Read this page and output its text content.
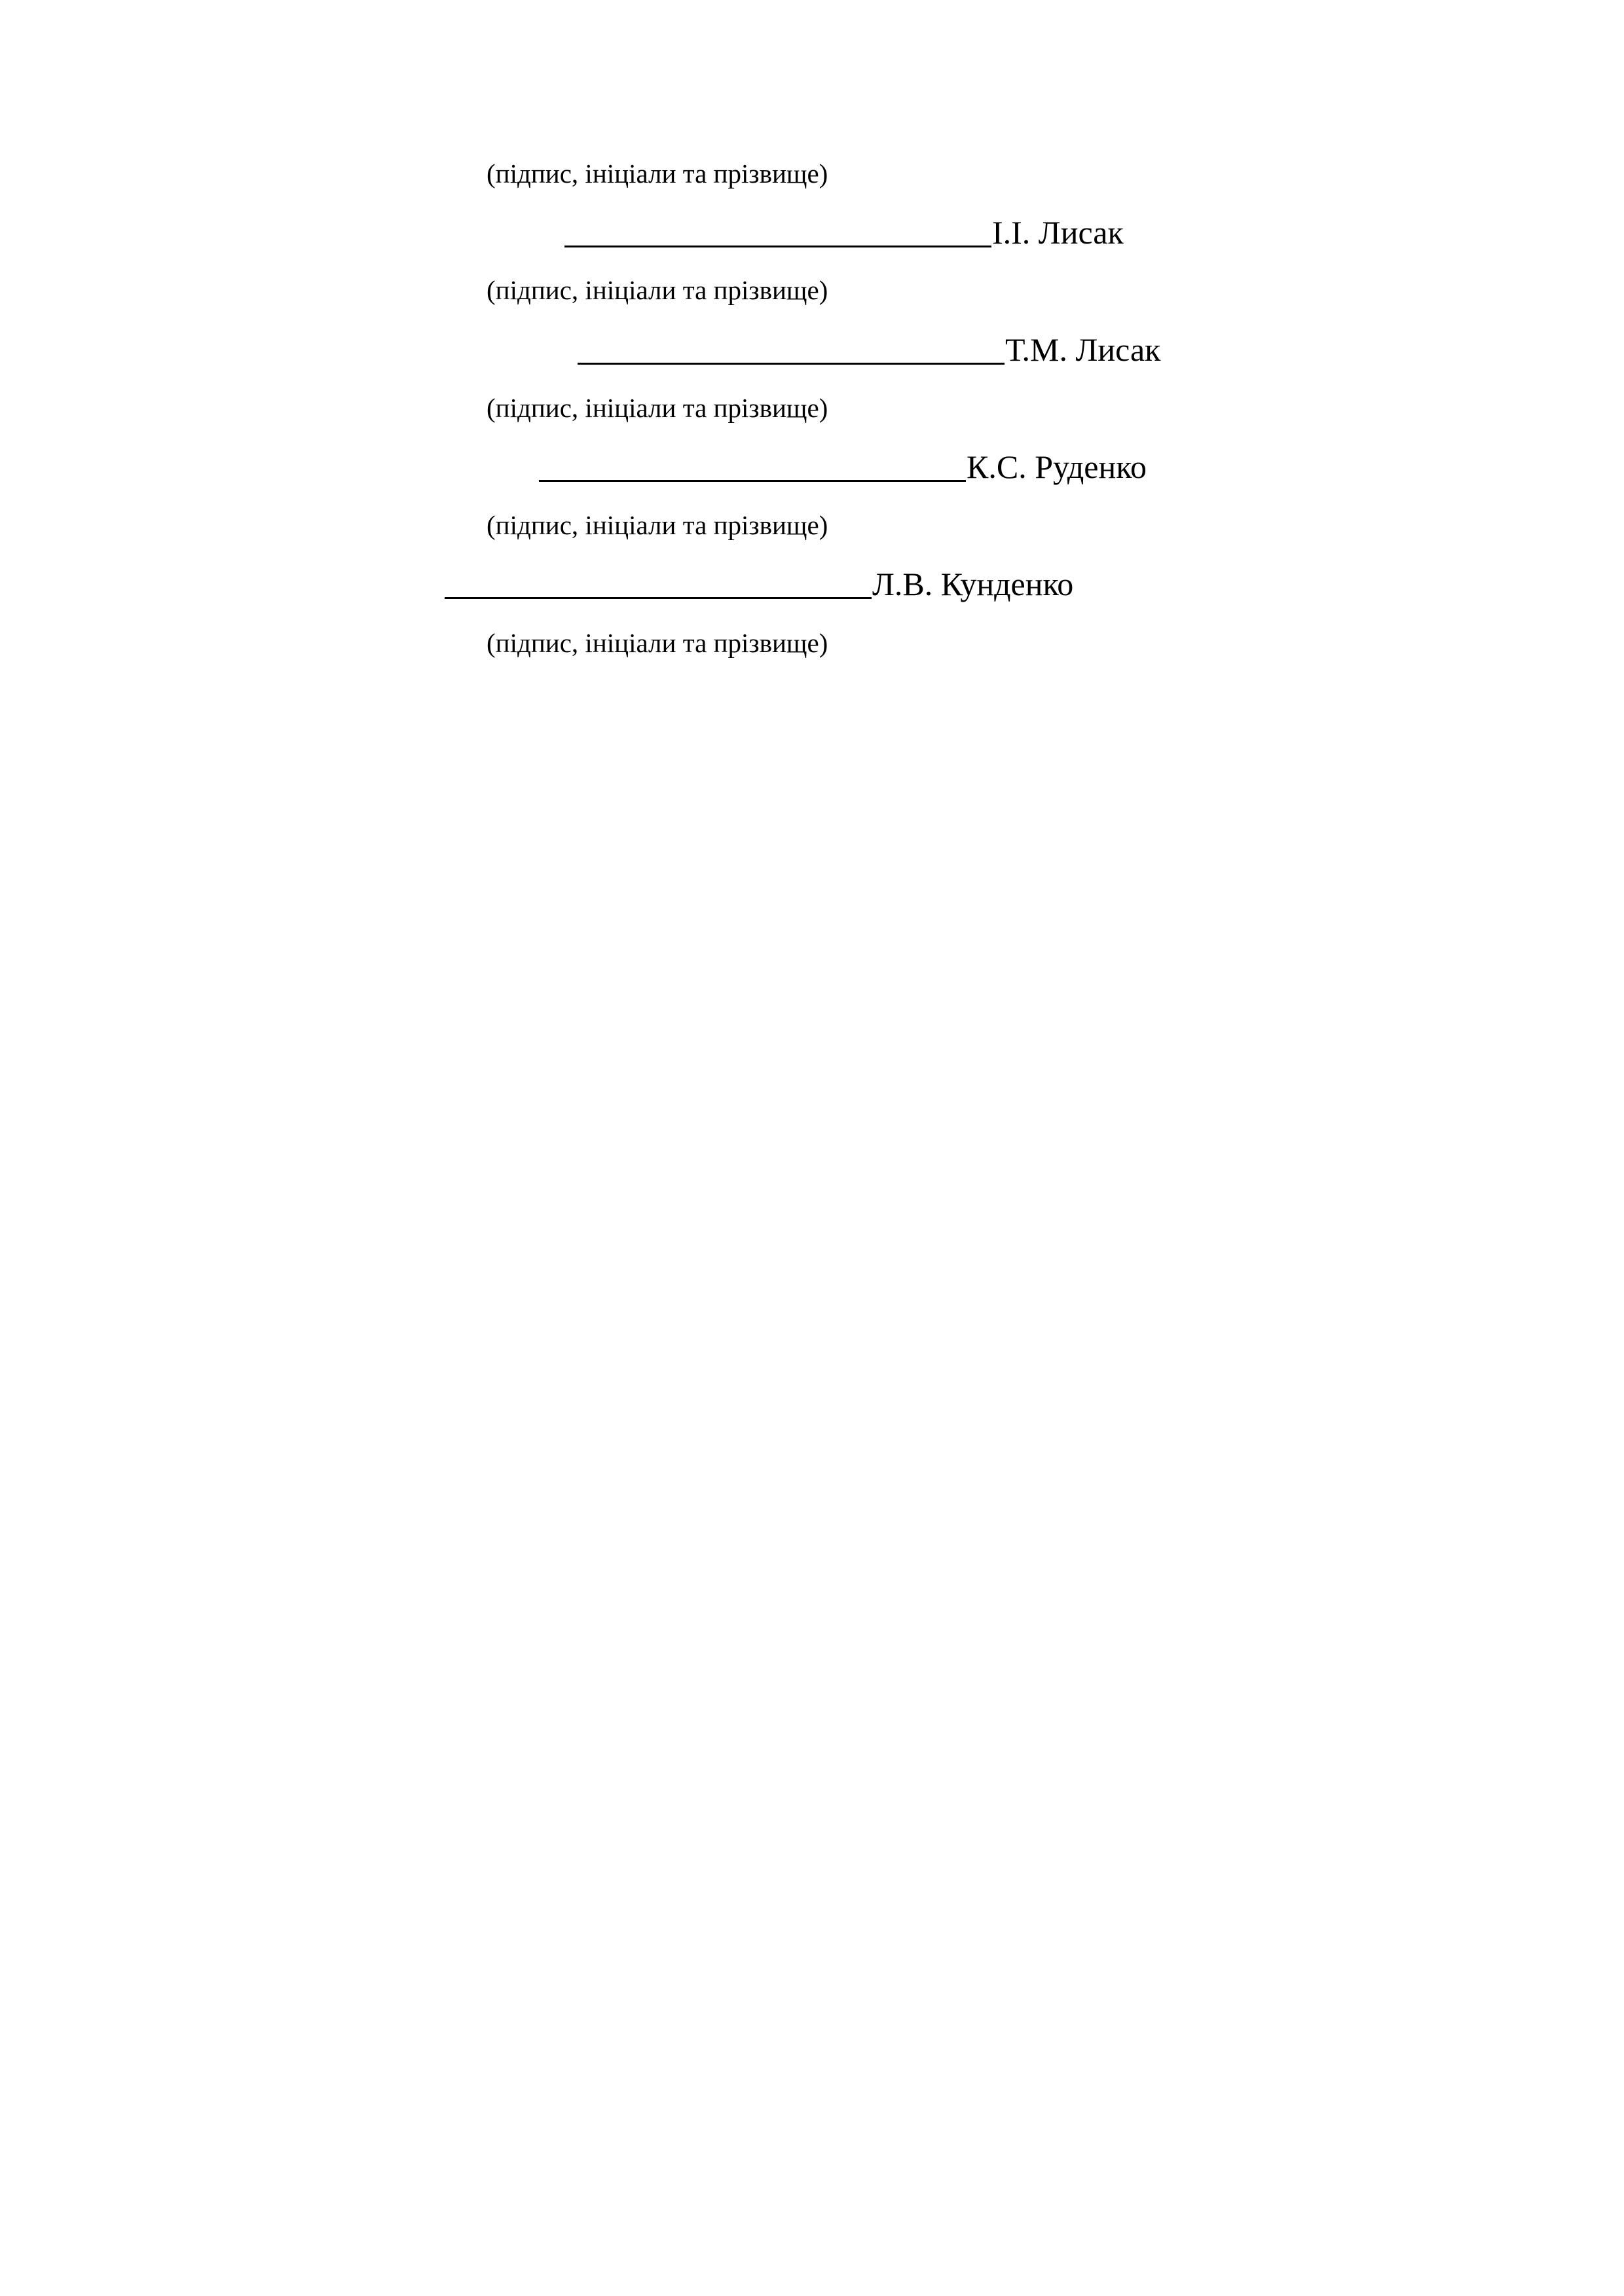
(підпис, ініціали та прізвище)
І.І. Лисак
(підпис, ініціали та прізвище)
Т.М. Лисак
(підпис, ініціали та прізвище)
К.С. Руденко
(підпис, ініціали та прізвище)
Л.В. Кунденко
(підпис, ініціали та прізвище)
